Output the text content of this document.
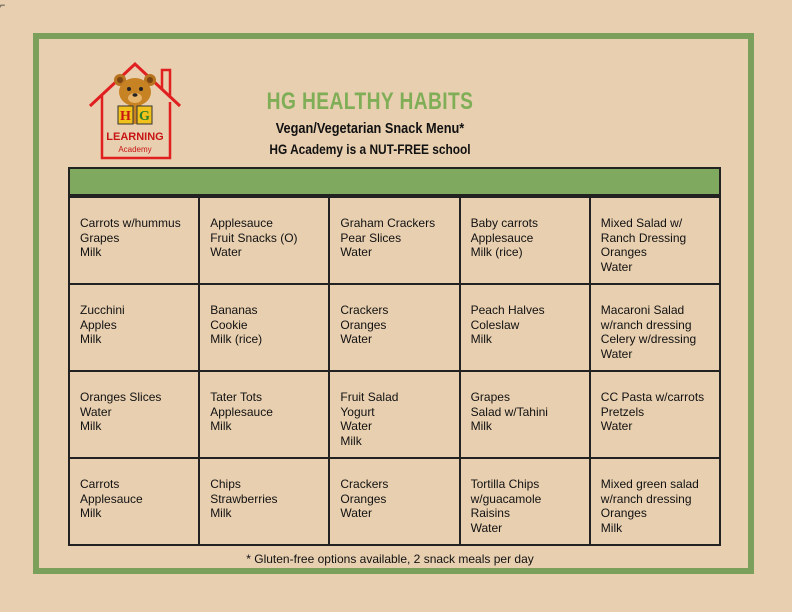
⌐
H G
LEARNING
Academy
HG HEALTHY HABITS
Vegan/Vegetarian Snack Menu*
HG Academy is a NUT-FREE school
Carrots w/hummus
Grapes
Milk
Applesauce
Fruit Snacks (O)
Water
Graham Crackers
Pear Slices
Water
Baby carrots
Applesauce
Milk (rice)
Mixed Salad w/
Ranch Dressing
Oranges
Water
Zucchini
Apples
Milk
Bananas
Cookie
Milk (rice)
Crackers
Oranges
Water
Peach Halves
Coleslaw
Milk
Macaroni Salad
w/ranch dressing
Celery w/dressing
Water
Oranges Slices
Water
Milk
Tater Tots
Applesauce
Milk
Fruit Salad
Yogurt
Water
Milk
Grapes
Salad w/Tahini
Milk
CC Pasta w/carrots
Pretzels
Water
Carrots
Applesauce
Milk
Chips
Strawberries
Milk
Crackers
Oranges
Water
Tortilla Chips
w/guacamole
Raisins
Water
Mixed green salad
w/ranch dressing
Oranges
Milk
* Gluten-free options available, 2 snack meals per day
